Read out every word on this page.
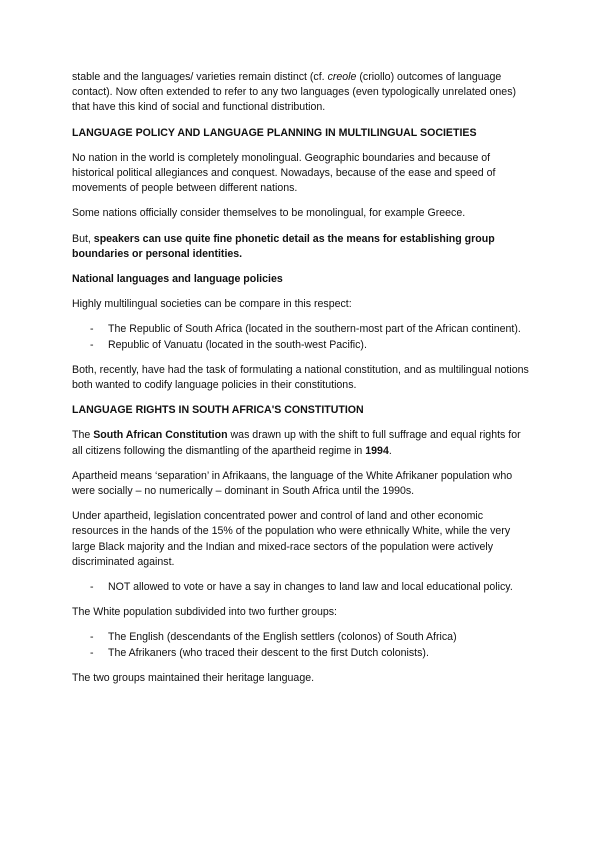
stable and the languages/ varieties remain distinct (cf. creole (criollo) outcomes of language contact). Now often extended to refer to any two languages (even typologically unrelated ones) that have this kind of social and functional distribution.

LANGUAGE POLICY AND LANGUAGE PLANNING IN MULTILINGUAL SOCIETIES

No nation in the world is completely monolingual. Geographic boundaries and because of historical political allegiances and conquest. Nowadays, because of the ease and speed of movements of people between different nations.

Some nations officially consider themselves to be monolingual, for example Greece.

But, speakers can use quite fine phonetic detail as the means for establishing group boundaries or personal identities.

National languages and language policies

Highly multilingual societies can be compare in this respect:

- The Republic of South Africa (located in the southern-most part of the African continent).
- Republic of Vanuatu (located in the south-west Pacific).

Both, recently, have had the task of formulating a national constitution, and as multilingual notions both wanted to codify language policies in their constitutions.

LANGUAGE RIGHTS IN SOUTH AFRICA'S CONSTITUTION

The South African Constitution was drawn up with the shift to full suffrage and equal rights for all citizens following the dismantling of the apartheid regime in 1994.

Apartheid means ‘separation’ in Afrikaans, the language of the White Afrikaner population who were socially – no numerically – dominant in South Africa until the 1990s.

Under apartheid, legislation concentrated power and control of land and other economic resources in the hands of the 15% of the population who were ethnically White, while the very large Black majority and the Indian and mixed-race sectors of the population were actively discriminated against.

- NOT allowed to vote or have a say in changes to land law and local educational policy.

The White population subdivided into two further groups:

- The English (descendants of the English settlers (colonos) of South Africa)
- The Afrikaners (who traced their descent to the first Dutch colonists).

The two groups maintained their heritage language.
